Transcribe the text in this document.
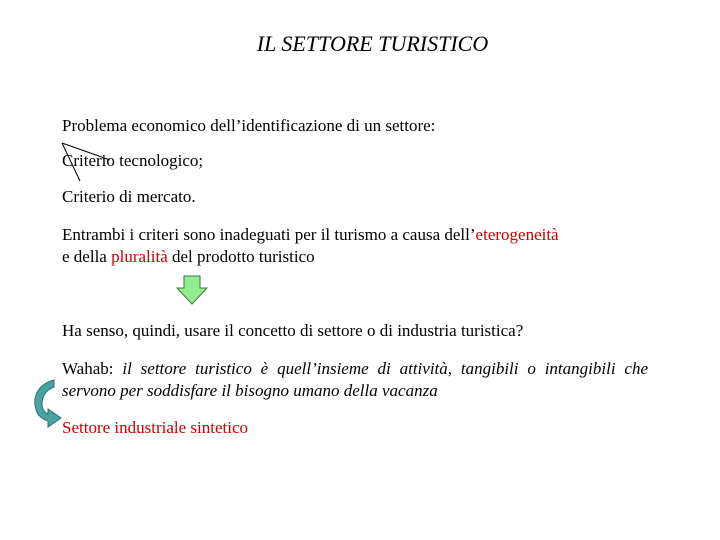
IL SETTORE TURISTICO
Problema economico dell’identificazione di un settore:
Criterio tecnologico;
Criterio di mercato.
Entrambi i criteri sono inadeguati per il turismo a causa dell’eterogeneità
e della pluralità del prodotto turistico
Ha senso, quindi, usare il concetto di settore o di industria turistica?
Wahab: il settore turistico è quell’insieme di attività, tangibili o intangibili che servono per soddisfare il bisogno umano della vacanza
Settore industriale sintetico
